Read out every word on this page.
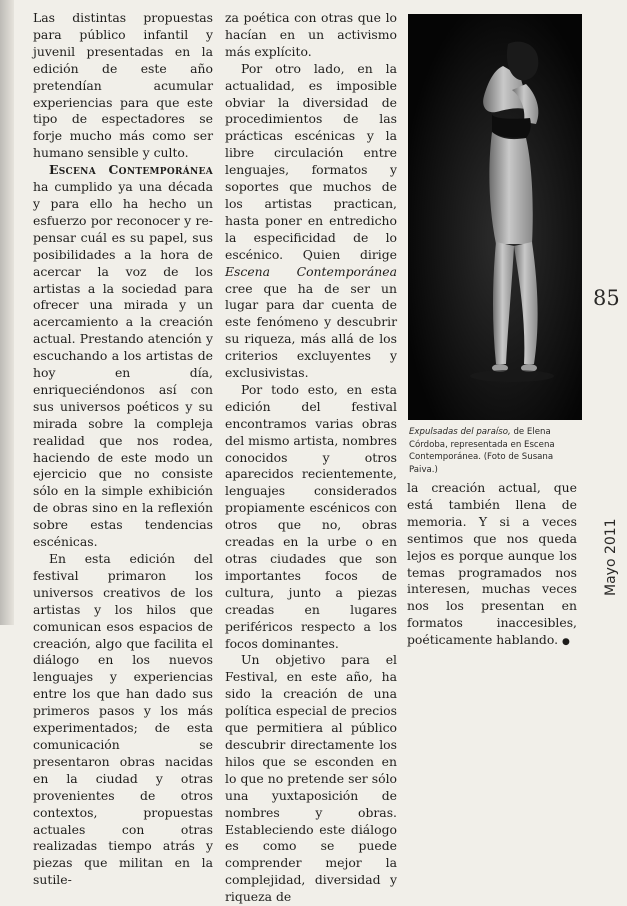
Las distintas propuestas para público infantil y juvenil presentadas en la edición de este año pretendían acumular experiencias para que este tipo de espectadores se forje mucho más como ser humano sensible y culto.

Escena Contemporánea ha cumplido ya una década y para ello ha hecho un esfuerzo por reconocer y re-pensar cuál es su papel, sus posibilidades a la hora de acercar la voz de los artistas a la sociedad para ofrecer una mirada y un acercamiento a la creación actual. Prestando atención y escuchando a los artistas de hoy en día, enriqueciéndonos así con sus universos poéticos y su mirada sobre la compleja realidad que nos rodea, haciendo de este modo un ejercicio que no consiste sólo en la simple exhibición de obras sino en la reflexión sobre estas tendencias escénicas.

En esta edición del festival primaron los universos creativos de los artistas y los hilos que comunican esos espacios de creación, algo que facilita el diálogo en los nuevos lenguajes y experiencias entre los que han dado sus primeros pasos y los más experimentados; de esta comunicación se presentaron obras nacidas en la ciudad y otras provenientes de otros contextos, propuestas actuales con otras realizadas tiempo atrás y piezas que militan en la sutile-

za poética con otras que lo hacían en un activismo más explícito.

Por otro lado, en la actualidad, es imposible obviar la diversidad de procedimientos de las prácticas escénicas y la libre circulación entre lenguajes, formatos y soportes que muchos de los artistas practican, hasta poner en entredicho la especificidad de lo escénico. Quien dirige Escena Contemporánea cree que ha de ser un lugar para dar cuenta de este fenómeno y descubrir su riqueza, más allá de los criterios excluyentes y exclusivistas.

Por todo esto, en esta edición del festival encontramos varias obras del mismo artista, nombres conocidos y otros aparecidos recientemente, lenguajes considerados propiamente escénicos con otros que no, obras creadas en la urbe o en otras ciudades que son importantes focos de cultura, junto a piezas creadas en lugares periféricos respecto a los focos dominantes.

Un objetivo para el Festival, en este año, ha sido la creación de una política especial de precios que permitiera al público descubrir directamente los hilos que se esconden en lo que no pretende ser sólo una yuxtaposición de nombres y obras. Estableciendo este diálogo es como se puede comprender mejor la complejidad, diversidad y riqueza de

Expulsadas del paraíso, de Elena Córdoba, representada en Escena Contemporánea. (Foto de Susana Paiva.)

la creación actual, que está también llena de memoria. Y si a veces sentimos que nos queda lejos es porque aunque los temas programados nos interesen, muchas veces nos los presentan en formatos inaccesibles, poéticamente hablando. ●

85
Mayo 2011
